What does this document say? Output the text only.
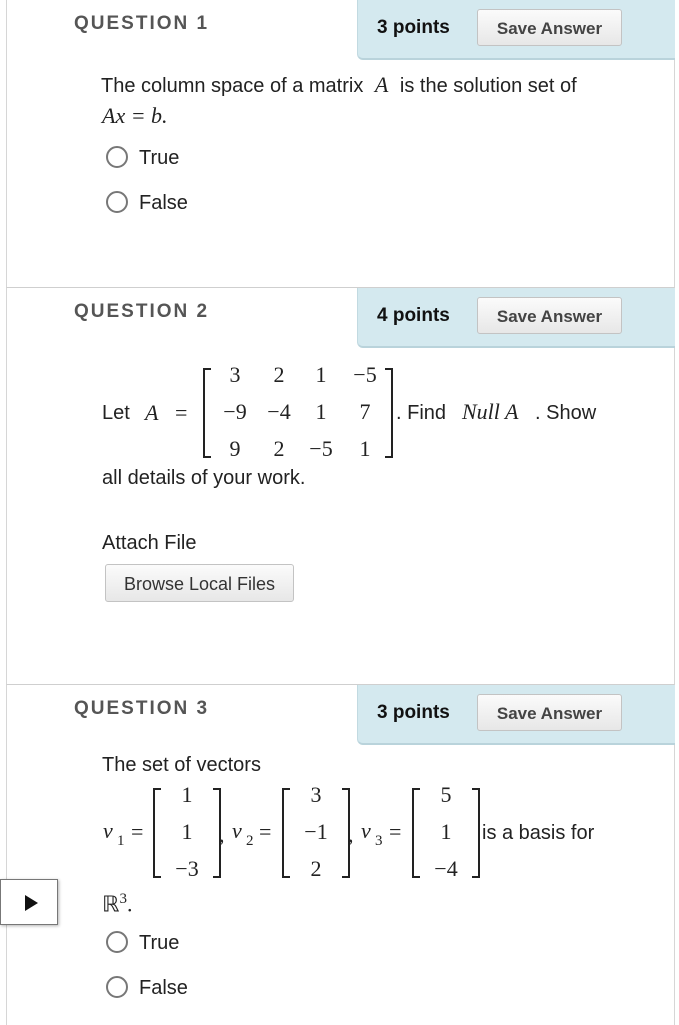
QUESTION 1	3 points	Save Answer
The column space of a matrix A is the solution set of
Ax = b.
True
False
QUESTION 2	4 points	Save Answer
Let A =
3	2	1	−5
−9 −4	1	7
9	2	−5	1
. Find Null A . Show
all details of your work.
Attach File
Browse Local Files
QUESTION 3	3 points	Save Answer
The set of vectors
v 1 =
1
1
−3
, v 2 =
3
−1
2
, v 3 =
5
1
−4
is a basis for
ℝ$^3$.
True
False
